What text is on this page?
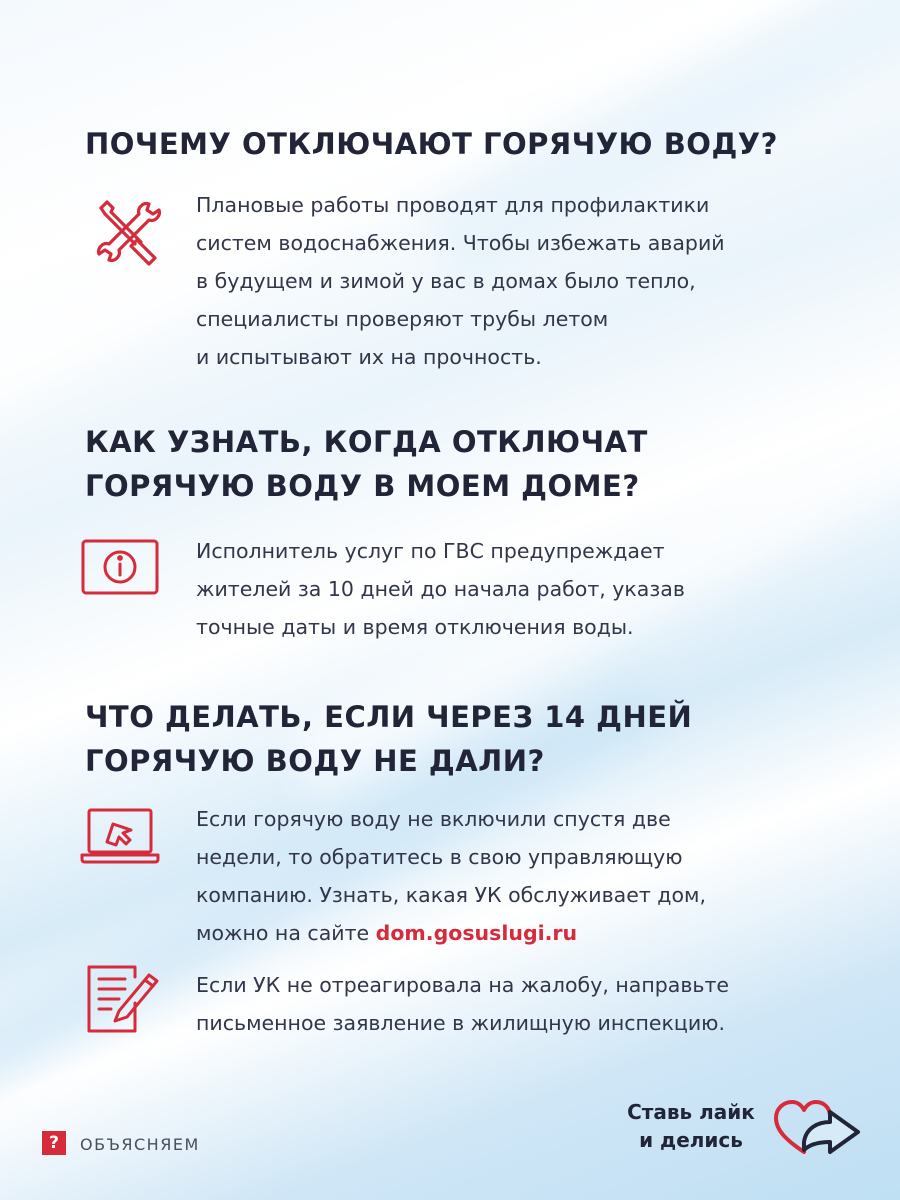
ПОЧЕМУ ОТКЛЮЧАЮТ ГОРЯЧУЮ ВОДУ?
Плановые работы проводят для профилактики
систем водоснабжения. Чтобы избежать аварий
в будущем и зимой у вас в домах было тепло,
специалисты проверяют трубы летом
и испытывают их на прочность.
КАК УЗНАТЬ, КОГДА ОТКЛЮЧАТ
ГОРЯЧУЮ ВОДУ В МОЕМ ДОМЕ?
Исполнитель услуг по ГВС предупреждает
жителей за 10 дней до начала работ, указав
точные даты и время отключения воды.
ЧТО ДЕЛАТЬ, ЕСЛИ ЧЕРЕЗ 14 ДНЕЙ
ГОРЯЧУЮ ВОДУ НЕ ДАЛИ?
Если горячую воду не включили спустя две
недели, то обратитесь в свою управляющую
компанию. Узнать, какая УК обслуживает дом,
можно на сайте dom.gosuslugi.ru
Если УК не отреагировала на жалобу, направьте
письменное заявление в жилищную инспекцию.
?	ОБЪЯСНЯЕМ
Ставь лайк
и делись
